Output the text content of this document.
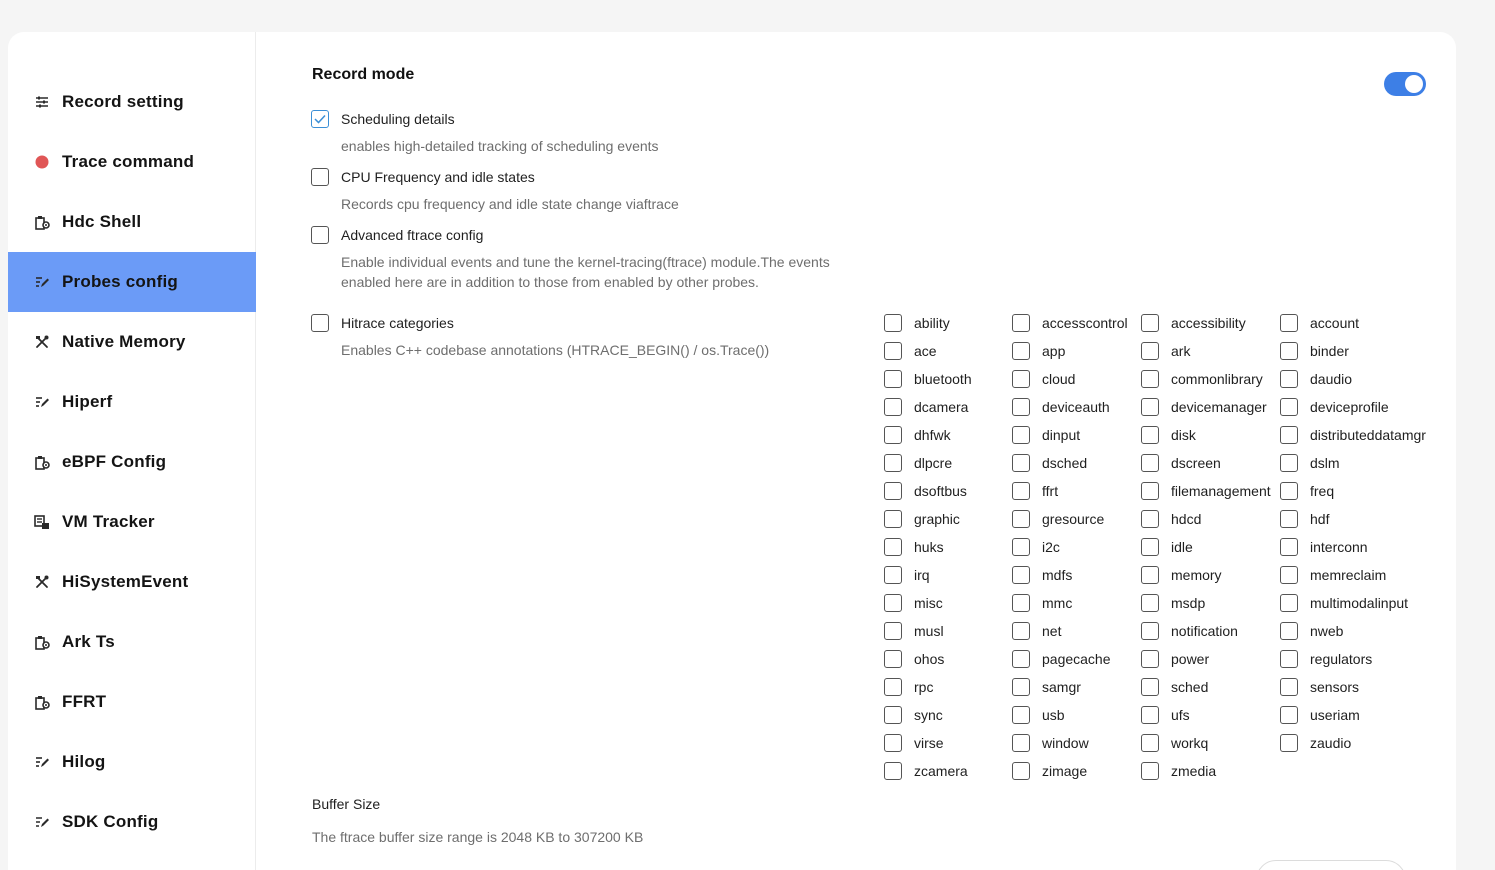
Record setting
Trace command
Hdc Shell
Probes config
Native Memory
Hiperf
eBPF Config
VM Tracker
HiSystemEvent
Ark Ts
FFRT
Hilog
SDK Config
Record mode
Scheduling details
enables high-detailed tracking of scheduling events
CPU Frequency and idle states
Records cpu frequency and idle state change viaftrace
Advanced ftrace config
Enable individual events and tune the kernel-tracing(ftrace) module.The events
enabled here are in addition to those from enabled by other probes.
Hitrace categories
Enables C++ codebase annotations (HTRACE_BEGIN() / os.Trace())
ability	accesscontrol	accessibility	account
ace	app	ark	binder
bluetooth	cloud	commonlibrary	daudio
dcamera	deviceauth	devicemanager	deviceprofile
dhfwk	dinput	disk	distributeddatamgr
dlpcre	dsched	dscreen	dslm
dsoftbus	ffrt	filemanagement	freq
graphic	gresource	hdcd	hdf
huks	i2c	idle	interconn
irq	mdfs	memory	memreclaim
misc	mmc	msdp	multimodalinput
musl	net	notification	nweb
ohos	pagecache	power	regulators
rpc	samgr	sched	sensors
sync	usb	ufs	useriam
virse	window	workq	zaudio
zcamera	zimage	zmedia
Buffer Size
The ftrace buffer size range is 2048 KB to 307200 KB
